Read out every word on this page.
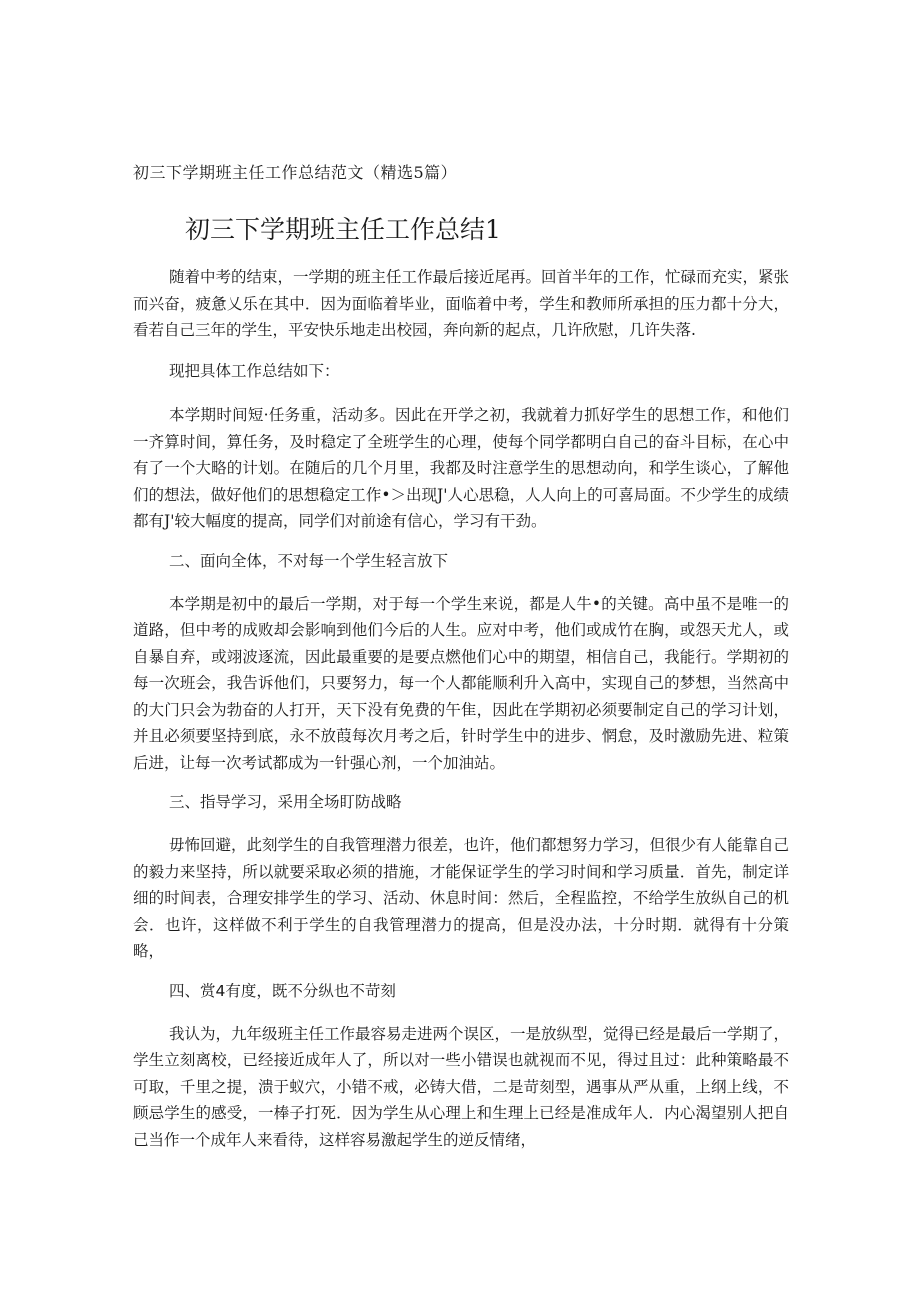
初三下学期班主任工作总结范文（精选5篇）
初三下学期班主任工作总结1

随着中考的结束，一学期的班主任工作最后接近尾再。回首半年的工作，忙碌而充实，紧张而兴奋，疲惫乂乐在其中．因为面临着毕业，面临着中考，学生和教师所承担的压力都十分大，看若自己三年的学生，平安快乐地走出校园，奔向新的起点，几许欣慰，几许失落.

现把具体工作总结如下：

本学期时间短·任务重，活动多。因此在开学之初，我就着力抓好学生的思想工作，和他们一齐算时间，算任务，及时稳定了全班学生的心理，使每个同学都明白自己的奋斗目标，在心中有了一个大略的计划。在随后的几个月里，我都及时注意学生的思想动向，和学生谈心，了解他们的想法，做好他们的思想稳定工作•＞出现J'人心思稳，人人向上的可喜局面。不少学生的成绩都有J'较大幅度的提高，同学们对前途有信心，学习有干劲。

二、面向全体，不对每一个学生轻言放下

本学期是初中的最后一学期，对于每一个学生来说，都是人牛•的关键。高中虽不是唯一的道路，但中考的成败却会影响到他们今后的人生。应对中考，他们或成竹在胸，或怨天尤人，或自暴自弃，或翊波逐流，因此最重要的是要点燃他们心中的期望，相信自己，我能行。学期初的每一次班会，我告诉他们，只要努力，每一个人都能顺利升入高中，实现自己的梦想，当然高中的大门只会为勃奋的人打开，天下没有免费的午隹，因此在学期初必须要制定自己的学习计划，并且必须要坚持到底，永不放葭每次月考之后，针时学生中的进步、惘怠，及时激励先进、粒策后进，让每一次考试都成为一针强心剂，一个加油站。

三、指导学习，采用全场盯防战略

毋怖回避，此刻学生的自我管理潜力很差，也许，他们都想努力学习，但很少有人能靠自己的毅力来坚持，所以就要采取必须的措施，才能保证学生的学习时间和学习质量．首先，制定详细的时间表，合理安排学生的学习、活动、休息时间：然后，全程监控，不给学生放纵自己的机会．也许，这样做不利于学生的自我管理潜力的提高，但是没办法，十分时期．就得有十分策略，

四、赏4有度，既不分纵也不苛刻

我认为，九年级班主任工作最容易走进两个误区，一是放纵型，觉得已经是最后一学期了，学生立刻离校，已经接近成年人了，所以对一些小错误也就视而不见，得过且过：此种策略最不可取，千里之提，溃于蚁穴，小错不戒，必铸大借，二是苛刻型，遇事从严从重，上纲上线，不顾忌学生的感受，一棒子打死．因为学生从心理上和生理上已经是准成年人．内心渴望别人把自己当作一个成年人来看待，这样容易激起学生的逆反情绪，
